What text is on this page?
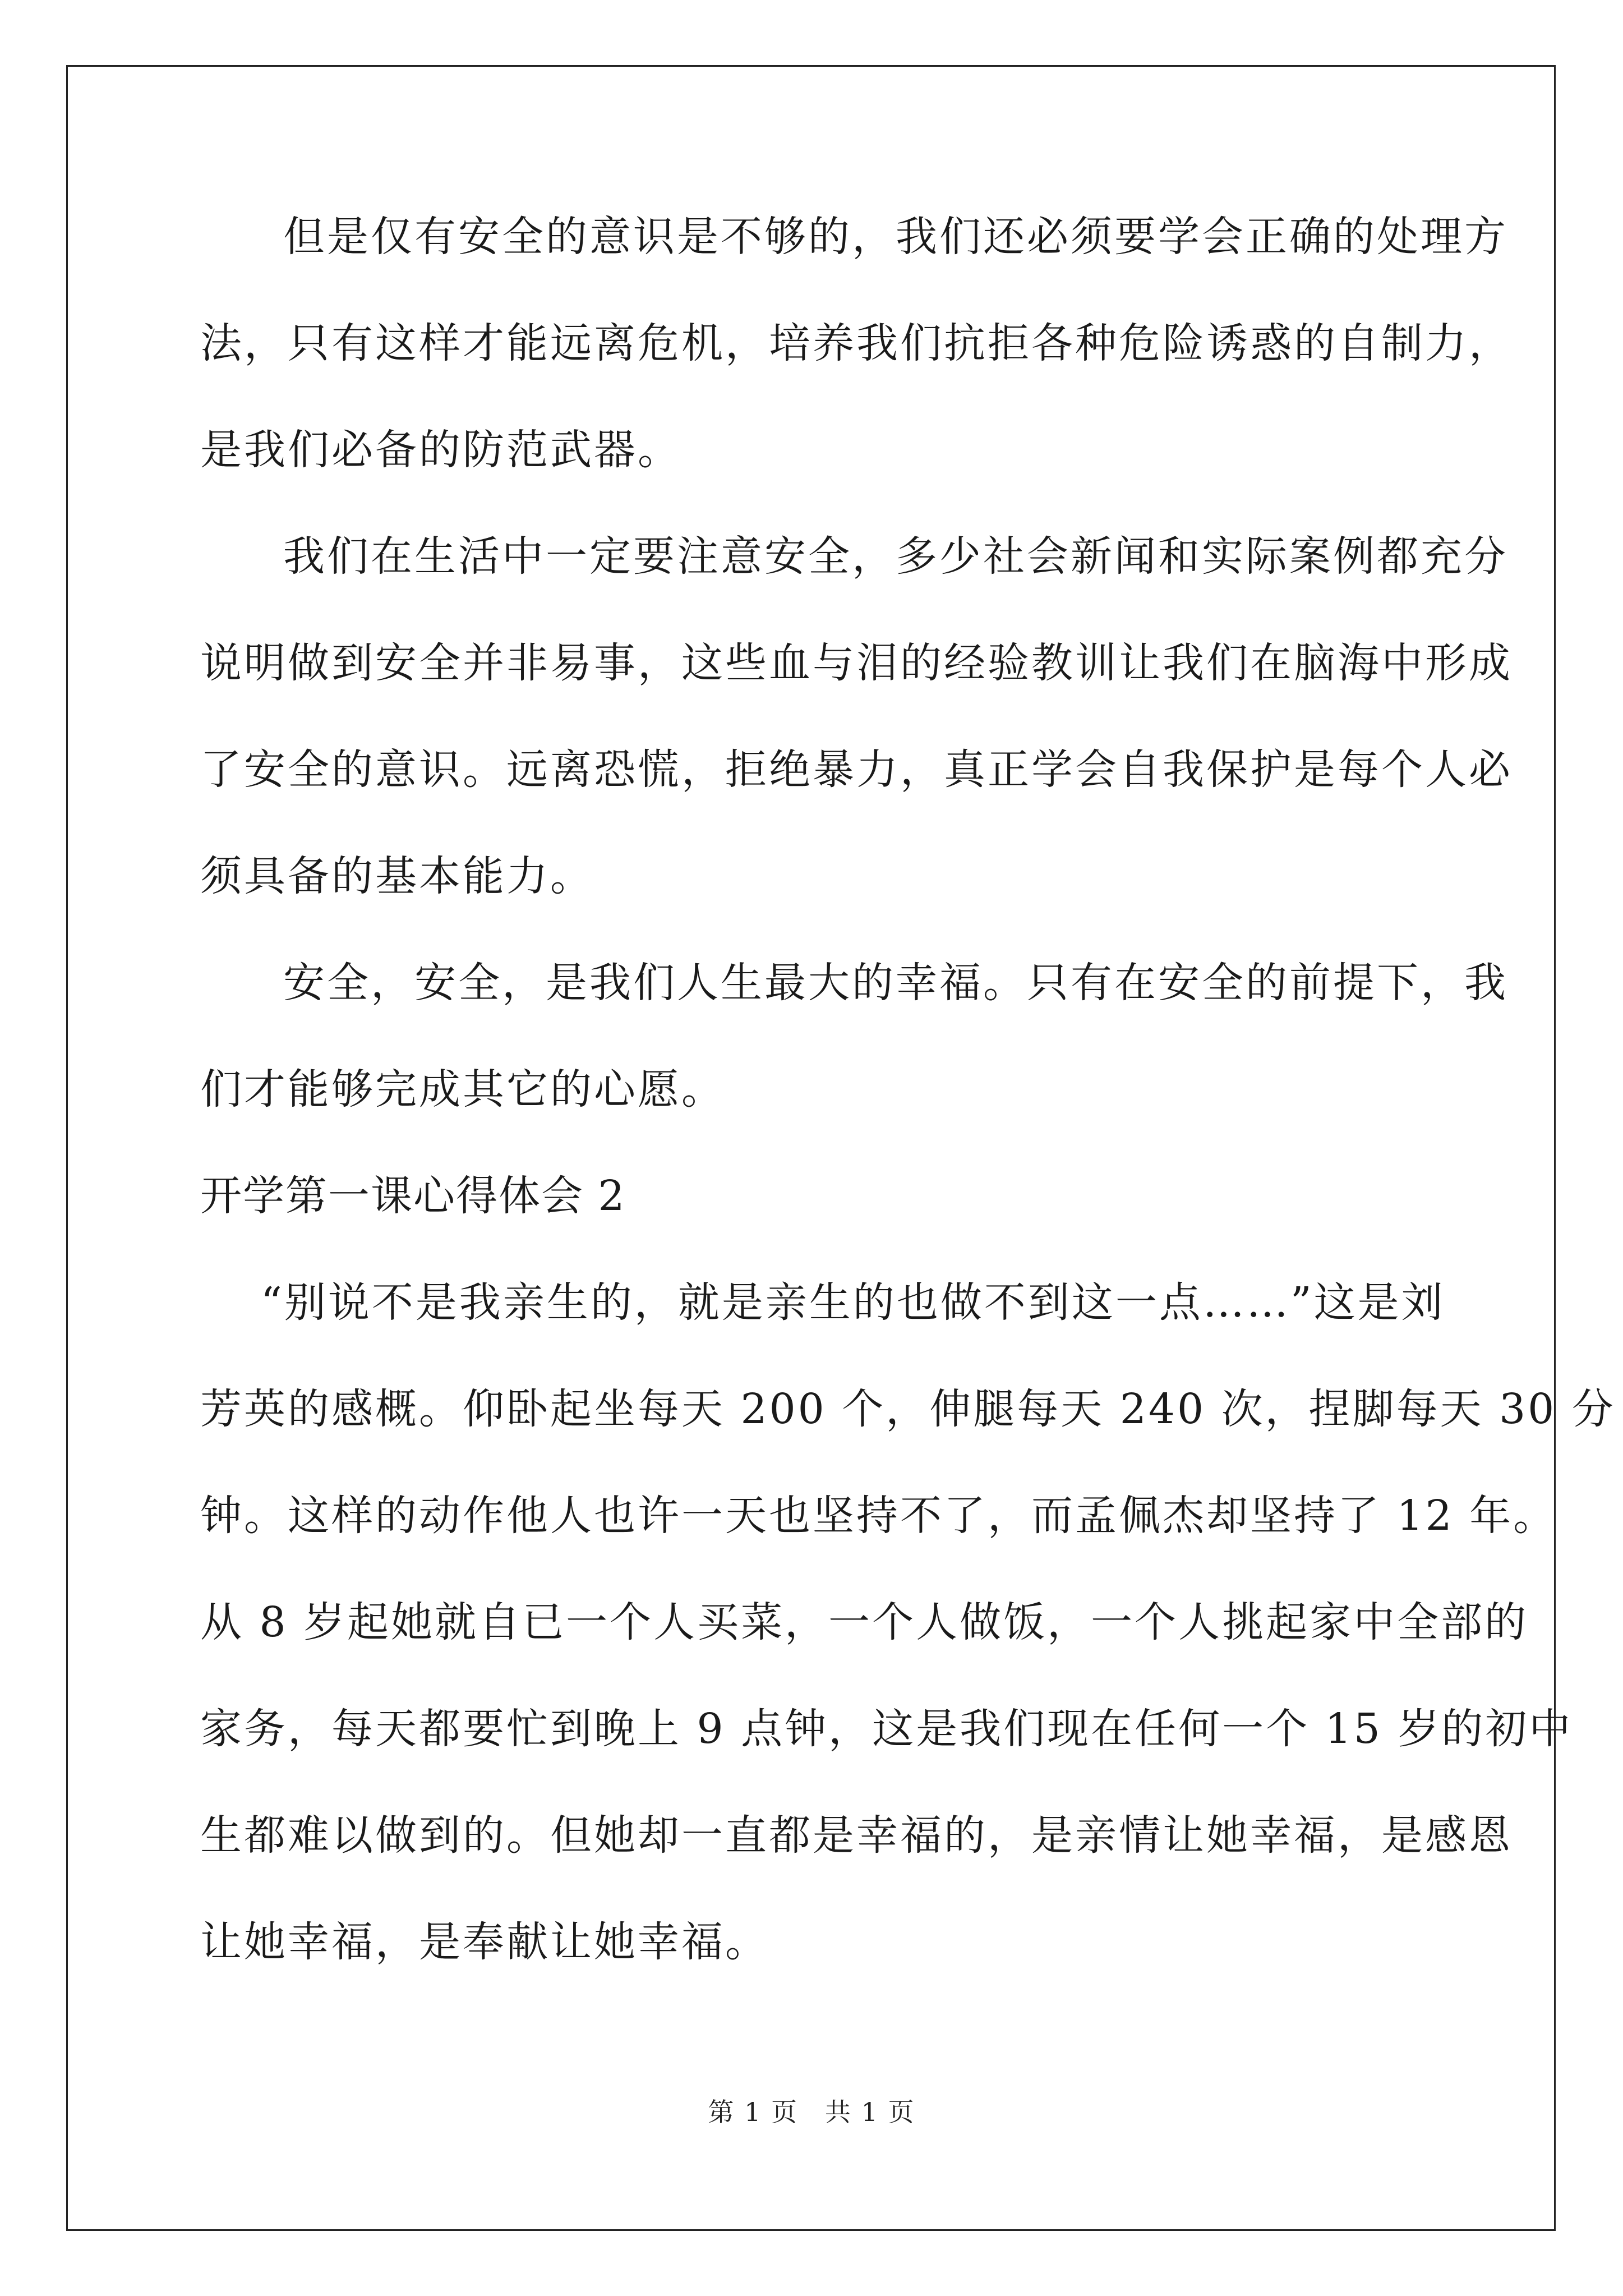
但是仅有安全的意识是不够的，我们还必须要学会正确的处理方
法，只有这样才能远离危机，培养我们抗拒各种危险诱惑的自制力，
是我们必备的防范武器。
我们在生活中一定要注意安全，多少社会新闻和实际案例都充分
说明做到安全并非易事，这些血与泪的经验教训让我们在脑海中形成
了安全的意识。远离恐慌，拒绝暴力，真正学会自我保护是每个人必
须具备的基本能力。
安全，安全，是我们人生最大的幸福。只有在安全的前提下，我
们才能够完成其它的心愿。
开学第一课心得体会 2
“别说不是我亲生的，就是亲生的也做不到这一点……”这是刘
芳英的感概。仰卧起坐每天 200 个，伸腿每天 240 次，捏脚每天 30 分
钟。这样的动作他人也许一天也坚持不了，而孟佩杰却坚持了 12 年。
从 8 岁起她就自已一个人买菜，一个人做饭，一个人挑起家中全部的
家务，每天都要忙到晚上 9 点钟，这是我们现在任何一个 15 岁的初中
生都难以做到的。但她却一直都是幸福的，是亲情让她幸福，是感恩
让她幸福，是奉献让她幸福。
第 1 页　共 1 页
